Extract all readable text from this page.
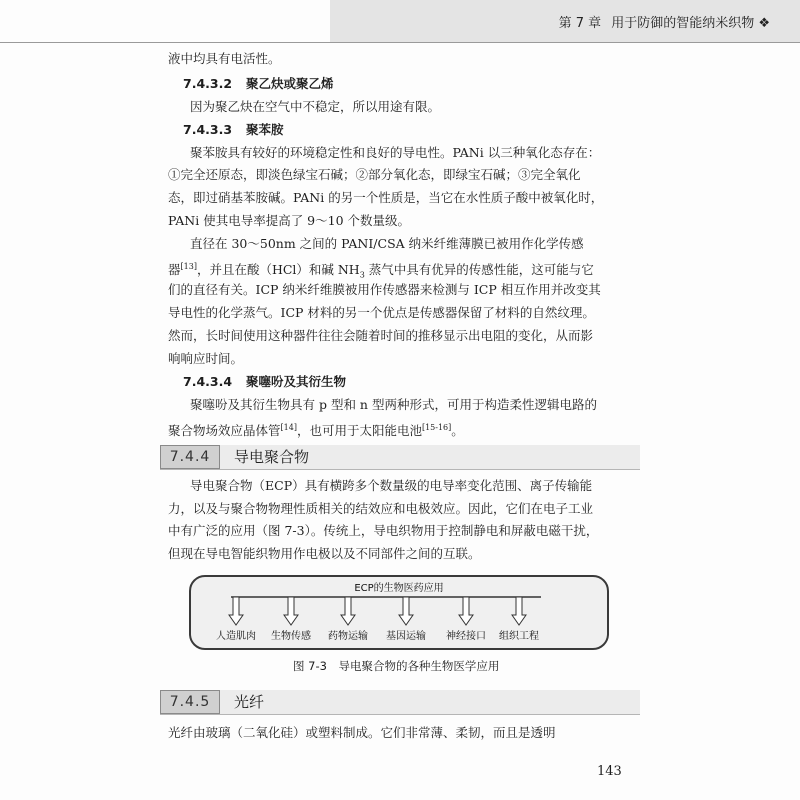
第 7 章 用于防御的智能纳米织物 ❖
液中均具有电活性。
7.4.3.2 聚乙炔或聚乙烯
因为聚乙炔在空气中不稳定，所以用途有限。
7.4.3.3 聚苯胺
聚苯胺具有较好的环境稳定性和良好的导电性。PANi 以三种氧化态存在：
①完全还原态，即淡色绿宝石碱；②部分氧化态，即绿宝石碱；③完全氧化
态，即过硝基苯胺碱。PANi 的另一个性质是，当它在水性质子酸中被氧化时，
PANi 使其电导率提高了 9～10 个数量级。
直径在 30～50nm 之间的 PANI/CSA 纳米纤维薄膜已被用作化学传感
器[13]，并且在酸（HCl）和碱 $NH_3$ 蒸气中具有优异的传感性能，这可能与它
们的直径有关。ICP 纳米纤维膜被用作传感器来检测与 ICP 相互作用并改变其
导电性的化学蒸气。ICP 材料的另一个优点是传感器保留了材料的自然纹理。
然而，长时间使用这种器件往往会随着时间的推移显示出电阻的变化，从而影
响响应时间。
7.4.3.4 聚噻吩及其衍生物
聚噻吩及其衍生物具有 p 型和 n 型两种形式，可用于构造柔性逻辑电路的
聚合物场效应晶体管[14]，也可用于太阳能电池[15-16]。
7.4.4	导电聚合物
导电聚合物（ECP）具有横跨多个数量级的电导率变化范围、离子传输能
力，以及与聚合物物理性质相关的结效应和电极效应。因此，它们在电子工业
中有广泛的应用（图 7-3）。传统上，导电织物用于控制静电和屏蔽电磁干扰，
但现在导电智能织物用作电极以及不同部件之间的互联。
ECP的生物医药应用
人造肌肉 生物传感 药物运输 基因运输 神经接口 组织工程
图 7-3　导电聚合物的各种生物医学应用
7.4.5	光纤
光纤由玻璃（二氧化硅）或塑料制成。它们非常薄、柔韧，而且是透明
143
